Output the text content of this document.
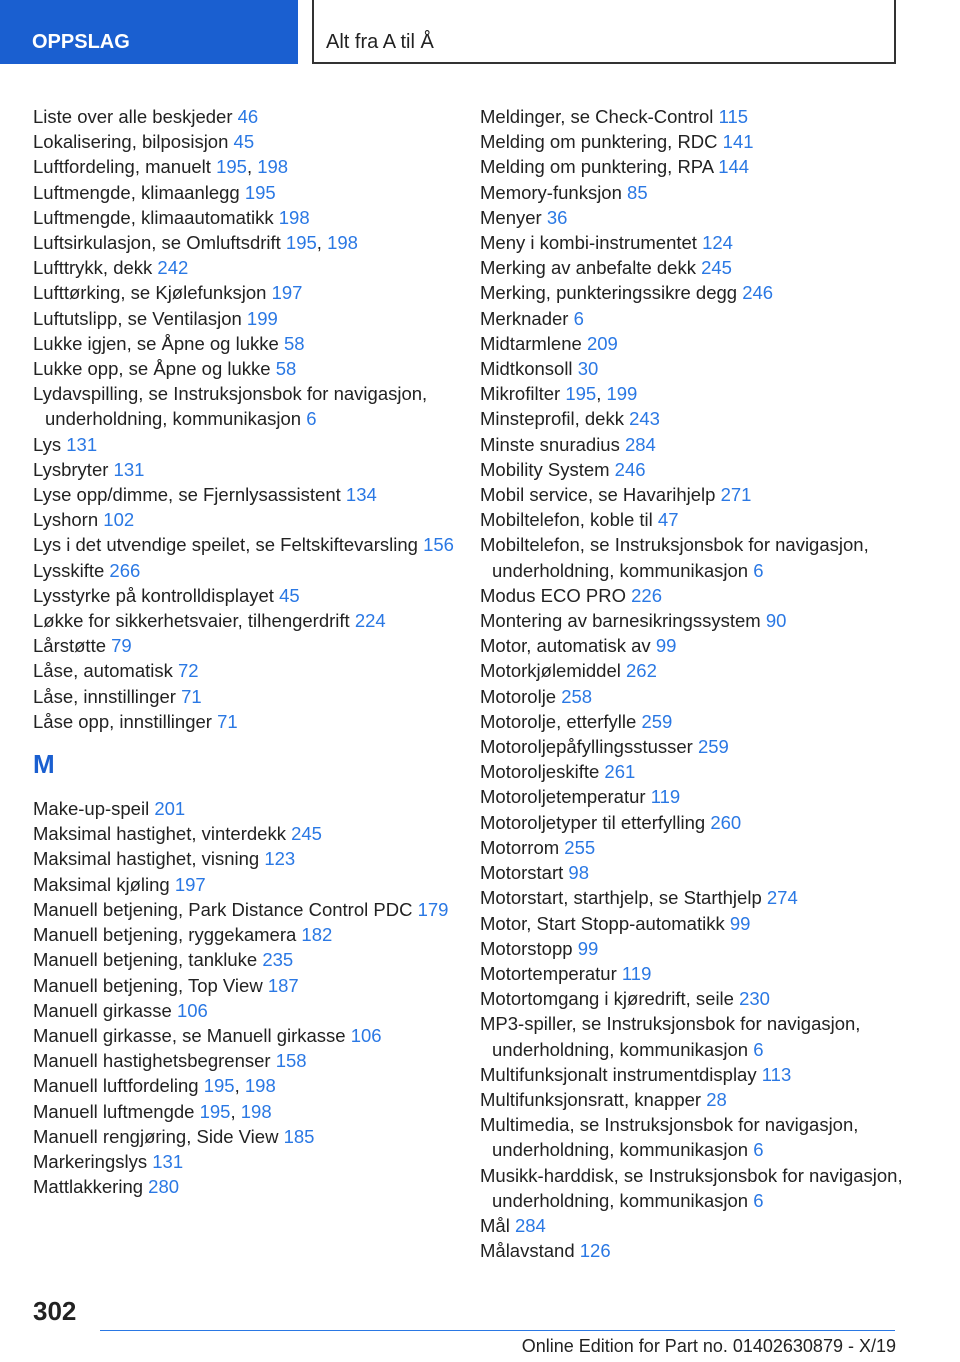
OPPSLAG	Alt fra A til Å
Liste over alle beskjeder 46
Lokalisering, bilposisjon 45
Luftfordeling, manuelt 195, 198
Luftmengde, klimaanlegg 195
Luftmengde, klimaautomatikk 198
Luftsirkulasjon, se Omluftsdrift 195, 198
Lufttrykk, dekk 242
Lufttørking, se Kjølefunksjon 197
Luftutslipp, se Ventilasjon 199
Lukke igjen, se Åpne og lukke 58
Lukke opp, se Åpne og lukke 58
Lydavspilling, se Instruksjonsbok for navigasjon, underholdning, kommunikasjon 6
Lys 131
Lysbryter 131
Lyse opp/dimme, se Fjernlysassistent 134
Lyshorn 102
Lys i det utvendige speilet, se Feltskiftevarsling 156
Lysskifte 266
Lysstyrke på kontrolldisplayet 45
Løkke for sikkerhetsvaier, tilhengerdrift 224
Lårstøtte 79
Låse, automatisk 72
Låse, innstillinger 71
Låse opp, innstillinger 71
M
Make-up-speil 201
Maksimal hastighet, vinterdekk 245
Maksimal hastighet, visning 123
Maksimal kjøling 197
Manuell betjening, Park Distance Control PDC 179
Manuell betjening, ryggekamera 182
Manuell betjening, tankluke 235
Manuell betjening, Top View 187
Manuell girkasse 106
Manuell girkasse, se Manuell girkasse 106
Manuell hastighetsbegrenser 158
Manuell luftfordeling 195, 198
Manuell luftmengde 195, 198
Manuell rengjøring, Side View 185
Markeringslys 131
Mattlakkering 280
Meldinger, se Check-Control 115
Melding om punktering, RDC 141
Melding om punktering, RPA 144
Memory-funksjon 85
Menyer 36
Meny i kombi-instrumentet 124
Merking av anbefalte dekk 245
Merking, punkteringssikre degg 246
Merknader 6
Midtarmlene 209
Midtkonsoll 30
Mikrofilter 195, 199
Minsteprofil, dekk 243
Minste snuradius 284
Mobility System 246
Mobil service, se Havarihjelp 271
Mobiltelefon, koble til 47
Mobiltelefon, se Instruksjonsbok for navigasjon, underholdning, kommunikasjon 6
Modus ECO PRO 226
Montering av barnesikringssystem 90
Motor, automatisk av 99
Motorkjølemiddel 262
Motorolje 258
Motorolje, etterfylle 259
Motoroljepåfyllingsstusser 259
Motoroljeskifte 261
Motoroljetemperatur 119
Motoroljetyper til etterfylling 260
Motorrom 255
Motorstart 98
Motorstart, starthjelp, se Starthjelp 274
Motor, Start Stopp-automatikk 99
Motorstopp 99
Motortemperatur 119
Motortomgang i kjøredrift, seile 230
MP3-spiller, se Instruksjonsbok for navigasjon, underholdning, kommunikasjon 6
Multifunksjonalt instrumentdisplay 113
Multifunksjonsratt, knapper 28
Multimedia, se Instruksjonsbok for navigasjon, underholdning, kommunikasjon 6
Musikk-harddisk, se Instruksjonsbok for navigasjon, underholdning, kommunikasjon 6
Mål 284
Målavstand 126
302
Online Edition for Part no. 01402630879 - X/19
